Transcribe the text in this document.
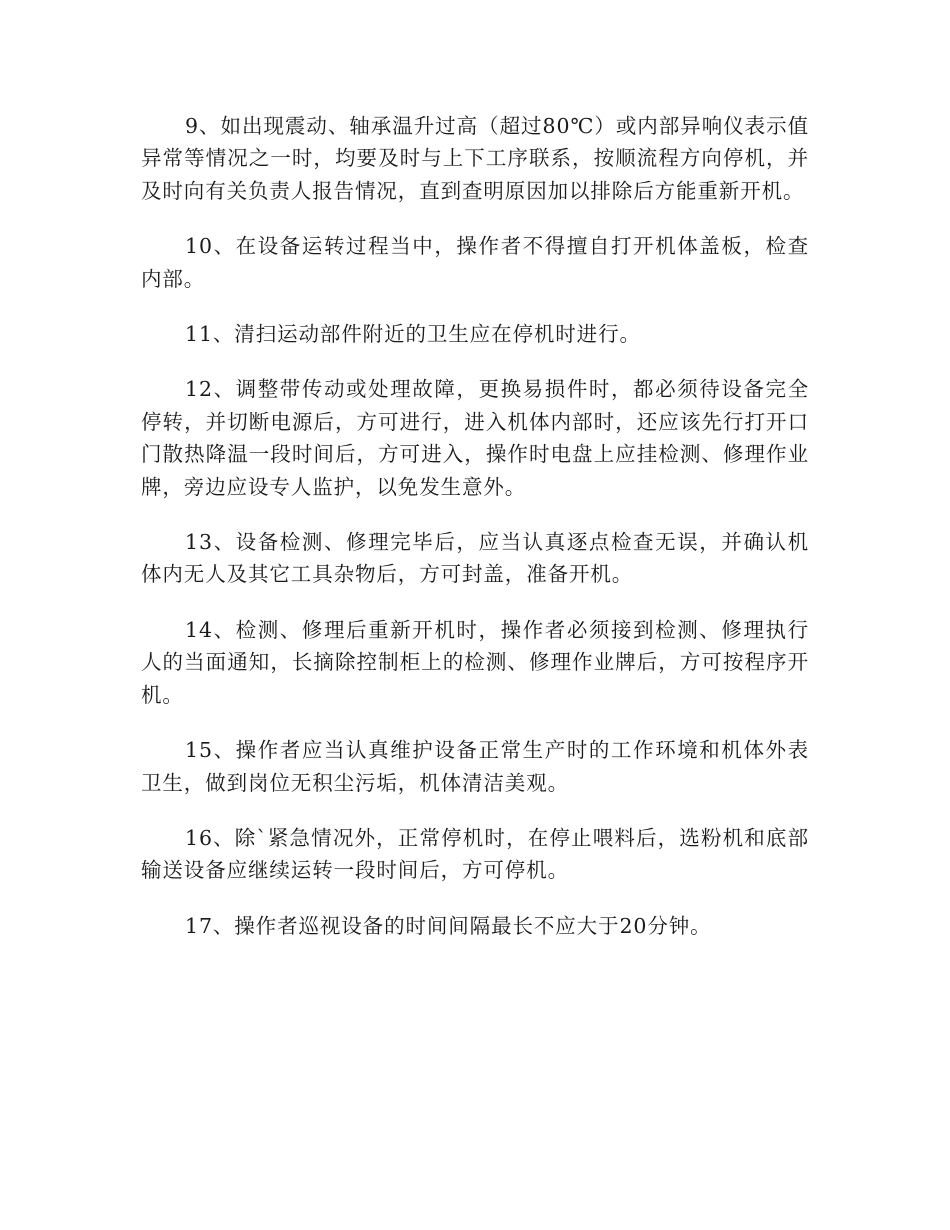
9、如出现震动、轴承温升过高（超过80℃）或内部异响仪表示值异常等情况之一时，均要及时与上下工序联系，按顺流程方向停机，并及时向有关负责人报告情况，直到查明原因加以排除后方能重新开机。

10、在设备运转过程当中，操作者不得擅自打开机体盖板，检查内部。

11、清扫运动部件附近的卫生应在停机时进行。

12、调整带传动或处理故障，更换易损件时，都必须待设备完全停转，并切断电源后，方可进行，进入机体内部时，还应该先行打开口门散热降温一段时间后，方可进入，操作时电盘上应挂检测、修理作业牌，旁边应设专人监护，以免发生意外。

13、设备检测、修理完毕后，应当认真逐点检查无误，并确认机体内无人及其它工具杂物后，方可封盖，准备开机。

14、检测、修理后重新开机时，操作者必须接到检测、修理执行人的当面通知，长摘除控制柜上的检测、修理作业牌后，方可按程序开机。

15、操作者应当认真维护设备正常生产时的工作环境和机体外表卫生，做到岗位无积尘污垢，机体清洁美观。

16、除`紧急情况外，正常停机时，在停止喂料后，选粉机和底部输送设备应继续运转一段时间后，方可停机。

17、操作者巡视设备的时间间隔最长不应大于20分钟。
